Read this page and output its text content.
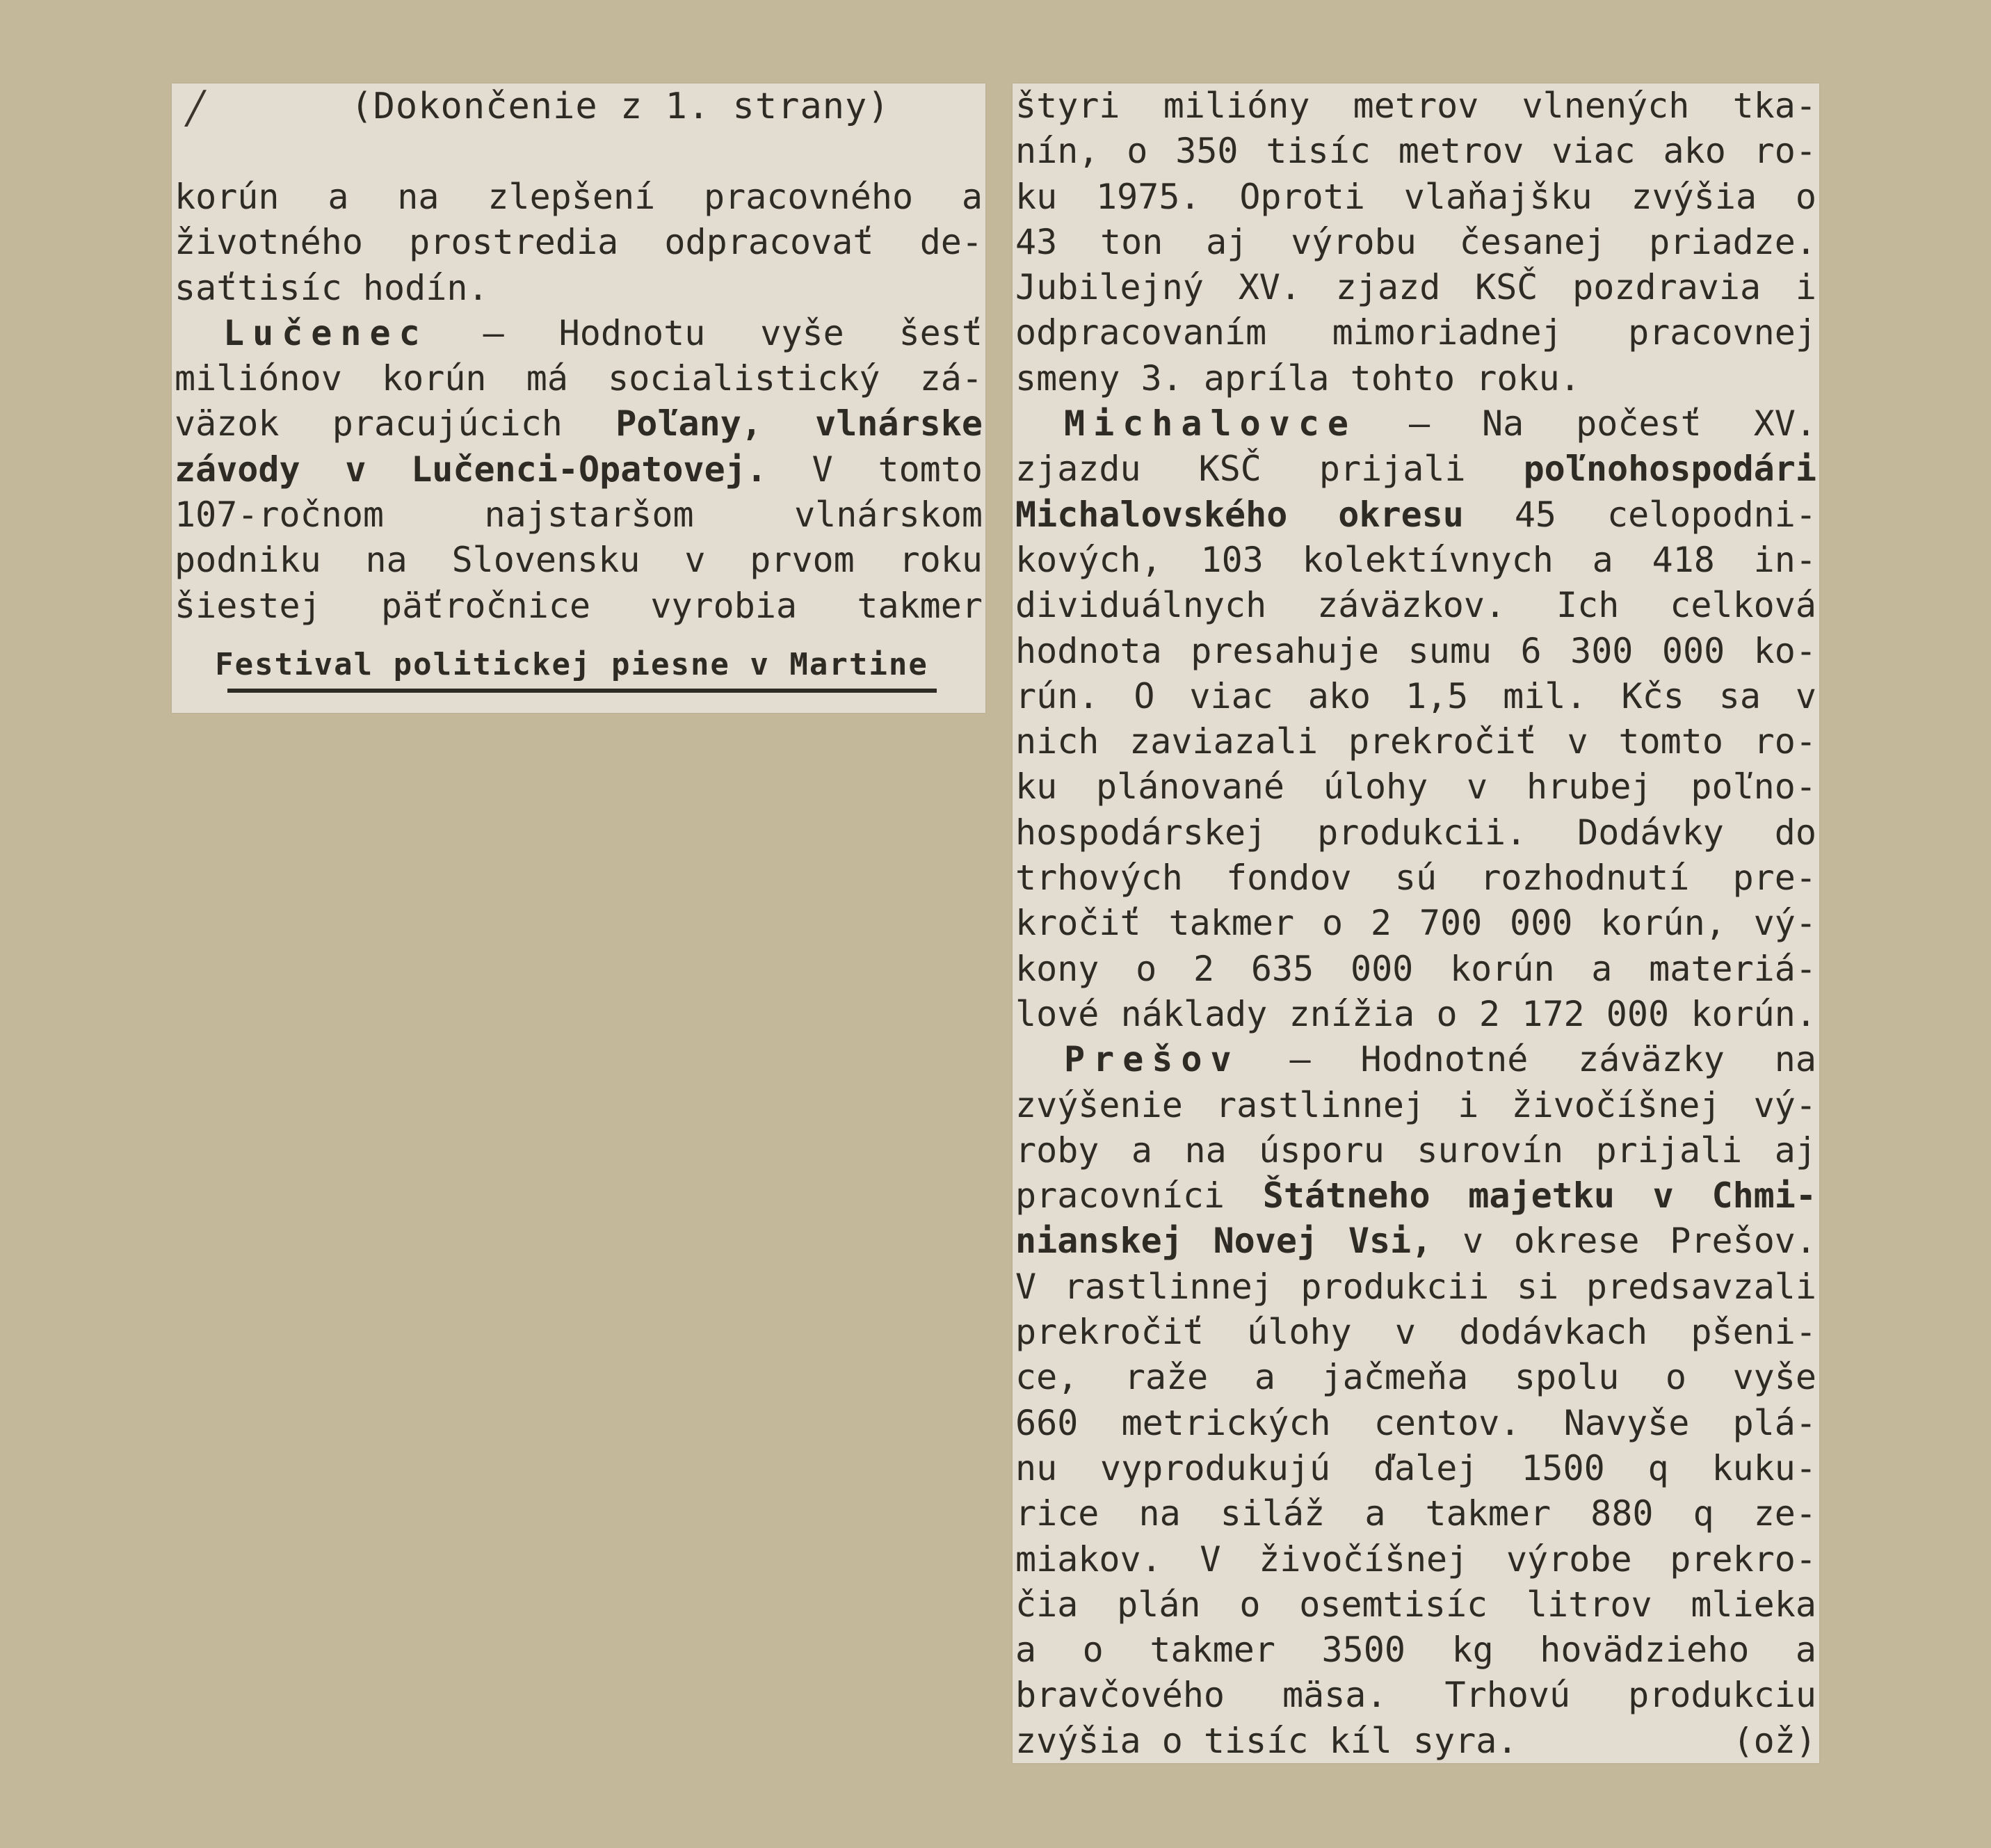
⁄	(Dokončenie z 1. strany)
korún a na zlepšení pracovného a
životného prostredia odpracovať de-
saťtisíc hodín.
Lučenec — Hodnotu vyše šesť
miliónov korún má socialistický zá-
väzok pracujúcich Poľany, vlnárske
závody v Lučenci-Opatovej. V tomto
107-ročnom najstaršom vlnárskom
podniku na Slovensku v prvom roku
šiestej päťročnice vyrobia takmer
Festival politickej piesne v Martine
štyri milióny metrov vlnených tka-
nín, o 350 tisíc metrov viac ako ro-
ku 1975. Oproti vlaňajšku zvýšia o
43 ton aj výrobu česanej priadze.
Jubilejný XV. zjazd KSČ pozdravia i
odpracovaním mimoriadnej pracovnej
smeny 3. apríla tohto roku.
Michalovce — Na počesť XV.
zjazdu KSČ prijali poľnohospodári
Michalovského okresu 45 celopodni-
kových, 103 kolektívnych a 418 in-
dividuálnych záväzkov. Ich celková
hodnota presahuje sumu 6 300 000 ko-
rún. O viac ako 1,5 mil. Kčs sa v
nich zaviazali prekročiť v tomto ro-
ku plánované úlohy v hrubej poľno-
hospodárskej produkcii. Dodávky do
trhových fondov sú rozhodnutí pre-
kročiť takmer o 2 700 000 korún, vý-
kony o 2 635 000 korún a materiá-
lové náklady znížia o 2 172 000 korún.
Prešov — Hodnotné záväzky na
zvýšenie rastlinnej i živočíšnej vý-
roby a na úsporu surovín prijali aj
pracovníci Štátneho majetku v Chmi-
nianskej Novej Vsi, v okrese Prešov.
V rastlinnej produkcii si predsavzali
prekročiť úlohy v dodávkach pšeni-
ce, raže a jačmeňa spolu o vyše
660 metrických centov. Navyše plá-
nu vyprodukujú ďalej 1500 q kuku-
rice na siláž a takmer 880 q ze-
miakov. V živočíšnej výrobe prekro-
čia plán o osemtisíc litrov mlieka
a o takmer 3500 kg hovädzieho a
bravčového mäsa. Trhovú produkciu
zvýšia o tisíc kíl syra.	(ož)
